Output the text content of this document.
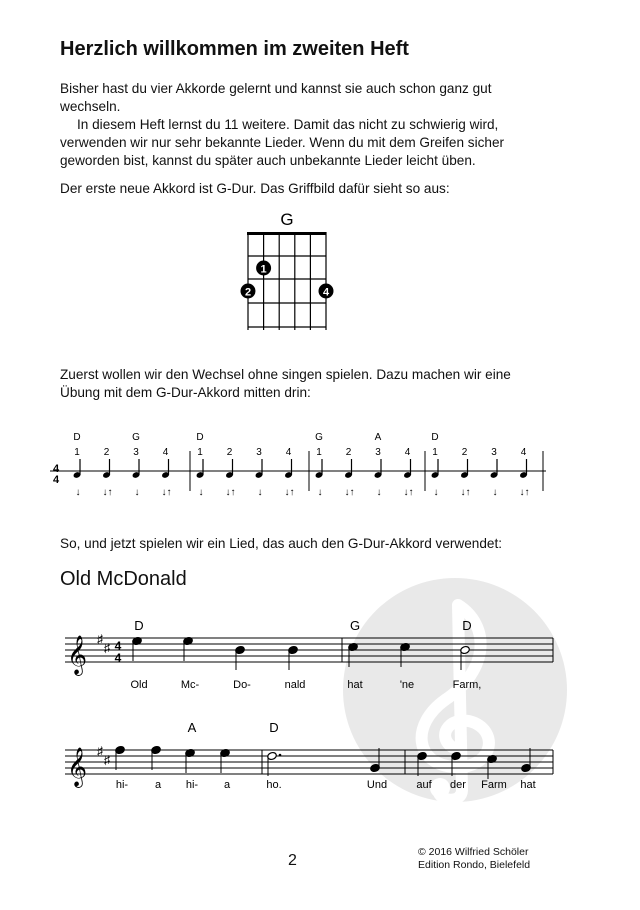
Herzlich willkommen im zweiten Heft
Bisher hast du vier Akkorde gelernt und kannst sie auch schon ganz gut
wechseln.
In diesem Heft lernst du 11 weitere. Damit das nicht zu schwierig wird,
verwenden wir nur sehr bekannte Lieder. Wenn du mit dem Greifen sicher
geworden bist, kannst du später auch unbekannte Lieder leicht üben.
Der erste neue Akkord ist G-Dur. Das Griffbild dafür sieht so aus:
G
1
2	4
Zuerst wollen wir den Wechsel ohne singen spielen. Dazu machen wir eine
Übung mit dem G-Dur-Akkord mitten drin:
4
4
1
↓
2
↓↑
3
↓
4
↓↑
D	G
1
↓
2
↓↑
3
↓
4
↓↑
D
1
↓
2
↓↑
3
↓
4
↓↑
G	A
1
↓
2
↓↑
3
↓
4
↓↑
D
So, und jetzt spielen wir ein Lied, das auch den G-Dur-Akkord verwendet:
Old McDonald
𝄞 ♯
♯ 4
4
D	G	D
Old	Mc-	Do-	nald	hat	'ne	Farm,
𝄞 ♯
♯
A	D
hi- a hi- a	ho.	Und	auf der Farm hat
2	© 2016 Wilfried Schöler
Edition Rondo, Bielefeld
